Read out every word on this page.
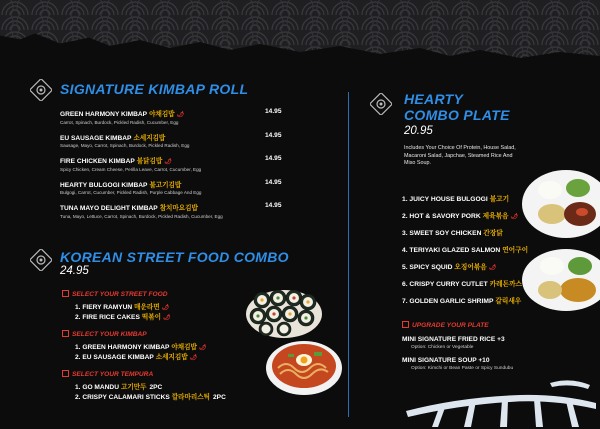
SIGNATURE KIMBAP ROLL
GREEN HARMONY KIMBAP 야채김밥 🌶
Carrot, Spinach, Burdock, Pickled Radish, Cucumber, Egg
14.95
EU SAUSAGE KIMBAP 소세지김밥
Sausage, Mayo, Carrot, Spinach, Burdock, Pickled Radish, Egg
14.95
FIRE CHICKEN KIMBAP 불닭김밥 🌶
Spicy Chicken, Cream Cheese, Perilla Leave, Carrot, Cucumber, Egg
14.95
HEARTY BULGOGI KIMBAP 불고기김밥
Bulgogi, Carrot, Cucumber, Pickled Radish, Purple Cabbage And Egg
14.95
TUNA MAYO DELIGHT KIMBAP 참치마요김밥
Tuna, Mayo, Lettuce, Carrot, Spinach, Burdock, Pickled Radish, Cucumber, Egg
14.95
KOREAN STREET FOOD COMBO
24.95
SELECT YOUR STREET FOOD
1. FIERY RAMYUN 매운라면 🌶
2. FIRE RICE CAKES 떡볶이 🌶
SELECT YOUR KIMBAP
1. GREEN HARMONY KIMBAP 야채김밥 🌶
2. EU SAUSAGE KIMBAP 소세지김밥 🌶
SELECT YOUR TEMPURA
1. GO MANDU 고기만두 2PC
2. CRISPY CALAMARI STICKS 깔라마리스틱 2PC
HEARTY
COMBO PLATE
20.95
Includes Your Choice Of Protein, House Salad, Macaroni Salad, Japchae, Steamed Rice And Miso Soup.
1. JUICY HOUSE BULGOGI 불고기
2. HOT & SAVORY PORK 제육볶음 🌶
3. SWEET SOY CHICKEN 간장닭
4. TERIYAKI GLAZED SALMON 연어구이
5. SPICY SQUID 오징어볶음 🌶
6. CRISPY CURRY CUTLET 카레돈까스
7. GOLDEN GARLIC SHRIMP 갈릭새우
UPGRADE YOUR PLATE
MINI SIGNATURE FRIED RICE +3
Option: Chicken or Vegetable
MINI SIGNATURE SOUP +10
Option: Kimchi or Bean Paste or Spicy Sundubu
